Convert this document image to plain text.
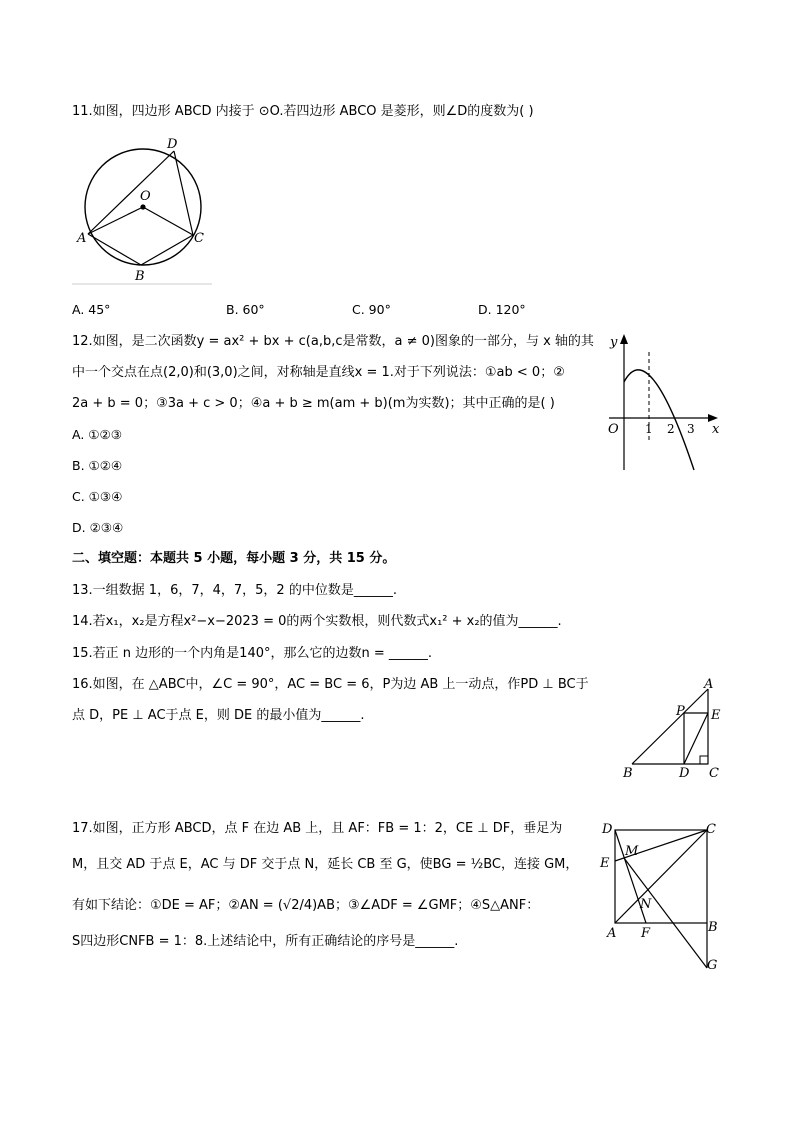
11.如图，四边形 ABCD 内接于 ⊙O.若四边形 ABCO 是菱形，则∠D的度数为( )
D
O
A	C
B
A. 45°	B. 60°	C. 90°	D. 120°
12.如图，是二次函数y = ax² + bx + c(a,b,c是常数，a ≠ 0)图象的一部分，与 x 轴的其
中一个交点在点(2,0)和(3,0)之间，对称轴是直线x = 1.对于下列说法：①ab < 0；②
2a + b = 0；③3a + c > 0；④a + b ≥ m(am + b)(m为实数)；其中正确的是( )
A. ①②③
B. ①②④
C. ①③④
D. ②③④
y
O 1 2 3 x
二、填空题：本题共 5 小题，每小题 3 分，共 15 分。
13.一组数据 1，6，7，4，7，5，2 的中位数是______.
14.若x₁，x₂是方程x²−x−2023 = 0的两个实数根，则代数式x₁² + x₂的值为______.
15.若正 n 边形的一个内角是140°，那么它的边数n = ______.
16.如图，在 △ABC中，∠C = 90°，AC = BC = 6，P为边 AB 上一动点，作PD ⊥ BC于
点 D，PE ⊥ AC于点 E，则 DE 的最小值为______.
A
P E
B	D C
17.如图，正方形 ABCD，点 F 在边 AB 上，且 AF：FB = 1：2，CE ⊥ DF，垂足为
M，且交 AD 于点 E，AC 与 DF 交于点 N，延长 CB 至 G，使BG = ½BC，连接 GM，
有如下结论：①DE = AF；②AN = (√2/4)AB；③∠ADF = ∠GMF；④S△ANF：
S四边形CNFB = 1：8.上述结论中，所有正确结论的序号是______.
D	C
M
E
N
B
A F
G
